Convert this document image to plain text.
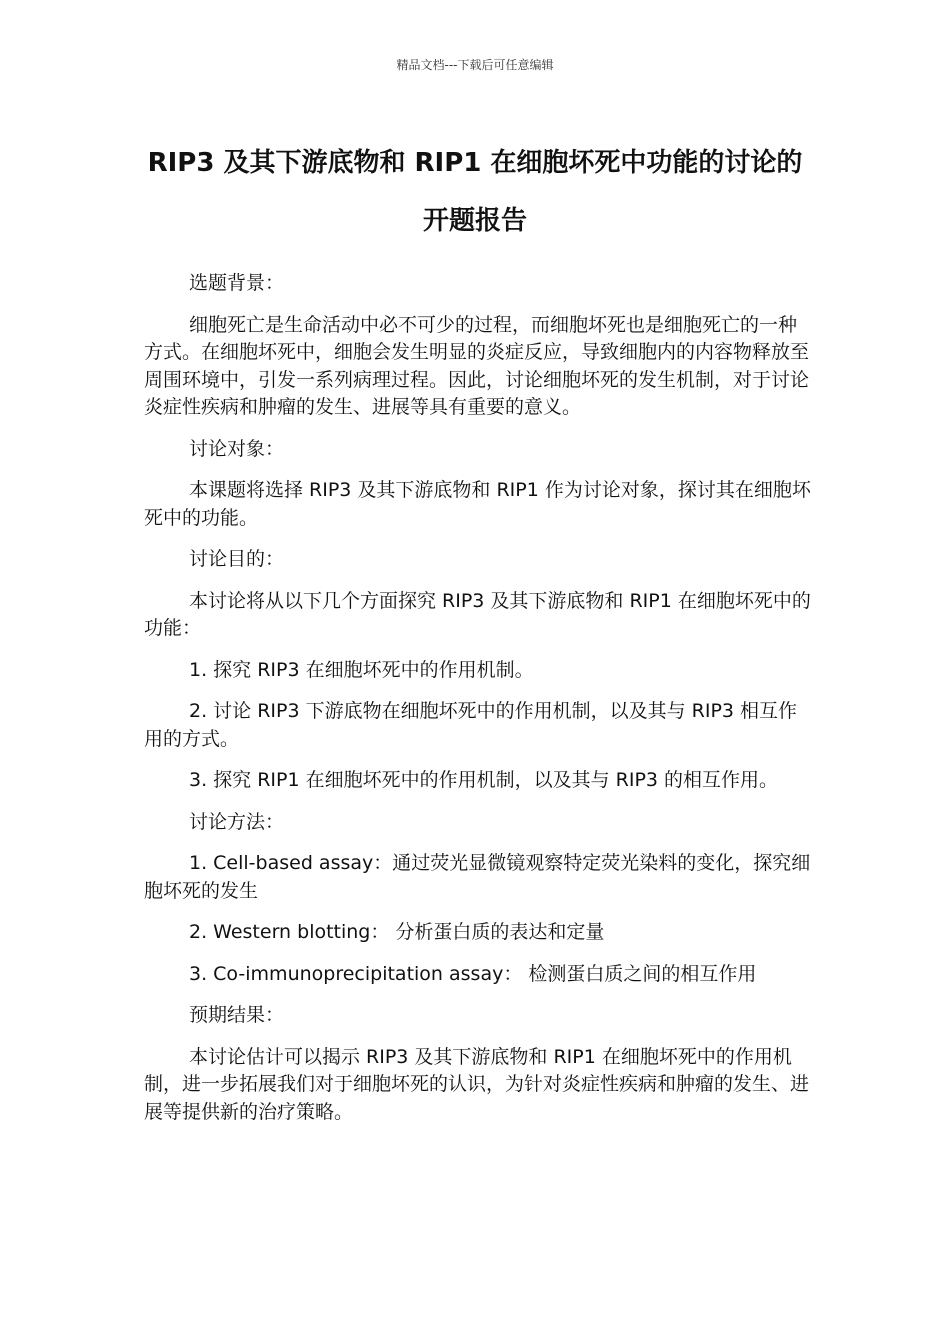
精品文档---下载后可任意编辑
RIP3 及其下游底物和 RIP1 在细胞坏死中功能的讨论的开题报告

选题背景：

细胞死亡是生命活动中必不可少的过程，而细胞坏死也是细胞死亡的一种方式。在细胞坏死中，细胞会发生明显的炎症反应，导致细胞内的内容物释放至周围环境中，引发一系列病理过程。因此，讨论细胞坏死的发生机制，对于讨论炎症性疾病和肿瘤的发生、进展等具有重要的意义。

讨论对象：

本课题将选择 RIP3 及其下游底物和 RIP1 作为讨论对象，探讨其在细胞坏死中的功能。

讨论目的：

本讨论将从以下几个方面探究 RIP3 及其下游底物和 RIP1 在细胞坏死中的功能：

1. 探究 RIP3 在细胞坏死中的作用机制。

2. 讨论 RIP3 下游底物在细胞坏死中的作用机制，以及其与 RIP3 相互作用的方式。

3. 探究 RIP1 在细胞坏死中的作用机制，以及其与 RIP3 的相互作用。

讨论方法：

1. Cell-based assay：通过荧光显微镜观察特定荧光染料的变化，探究细胞坏死的发生

2. Western blotting： 分析蛋白质的表达和定量

3. Co-immunoprecipitation assay： 检测蛋白质之间的相互作用

预期结果：

本讨论估计可以揭示 RIP3 及其下游底物和 RIP1 在细胞坏死中的作用机制，进一步拓展我们对于细胞坏死的认识，为针对炎症性疾病和肿瘤的发生、进展等提供新的治疗策略。
